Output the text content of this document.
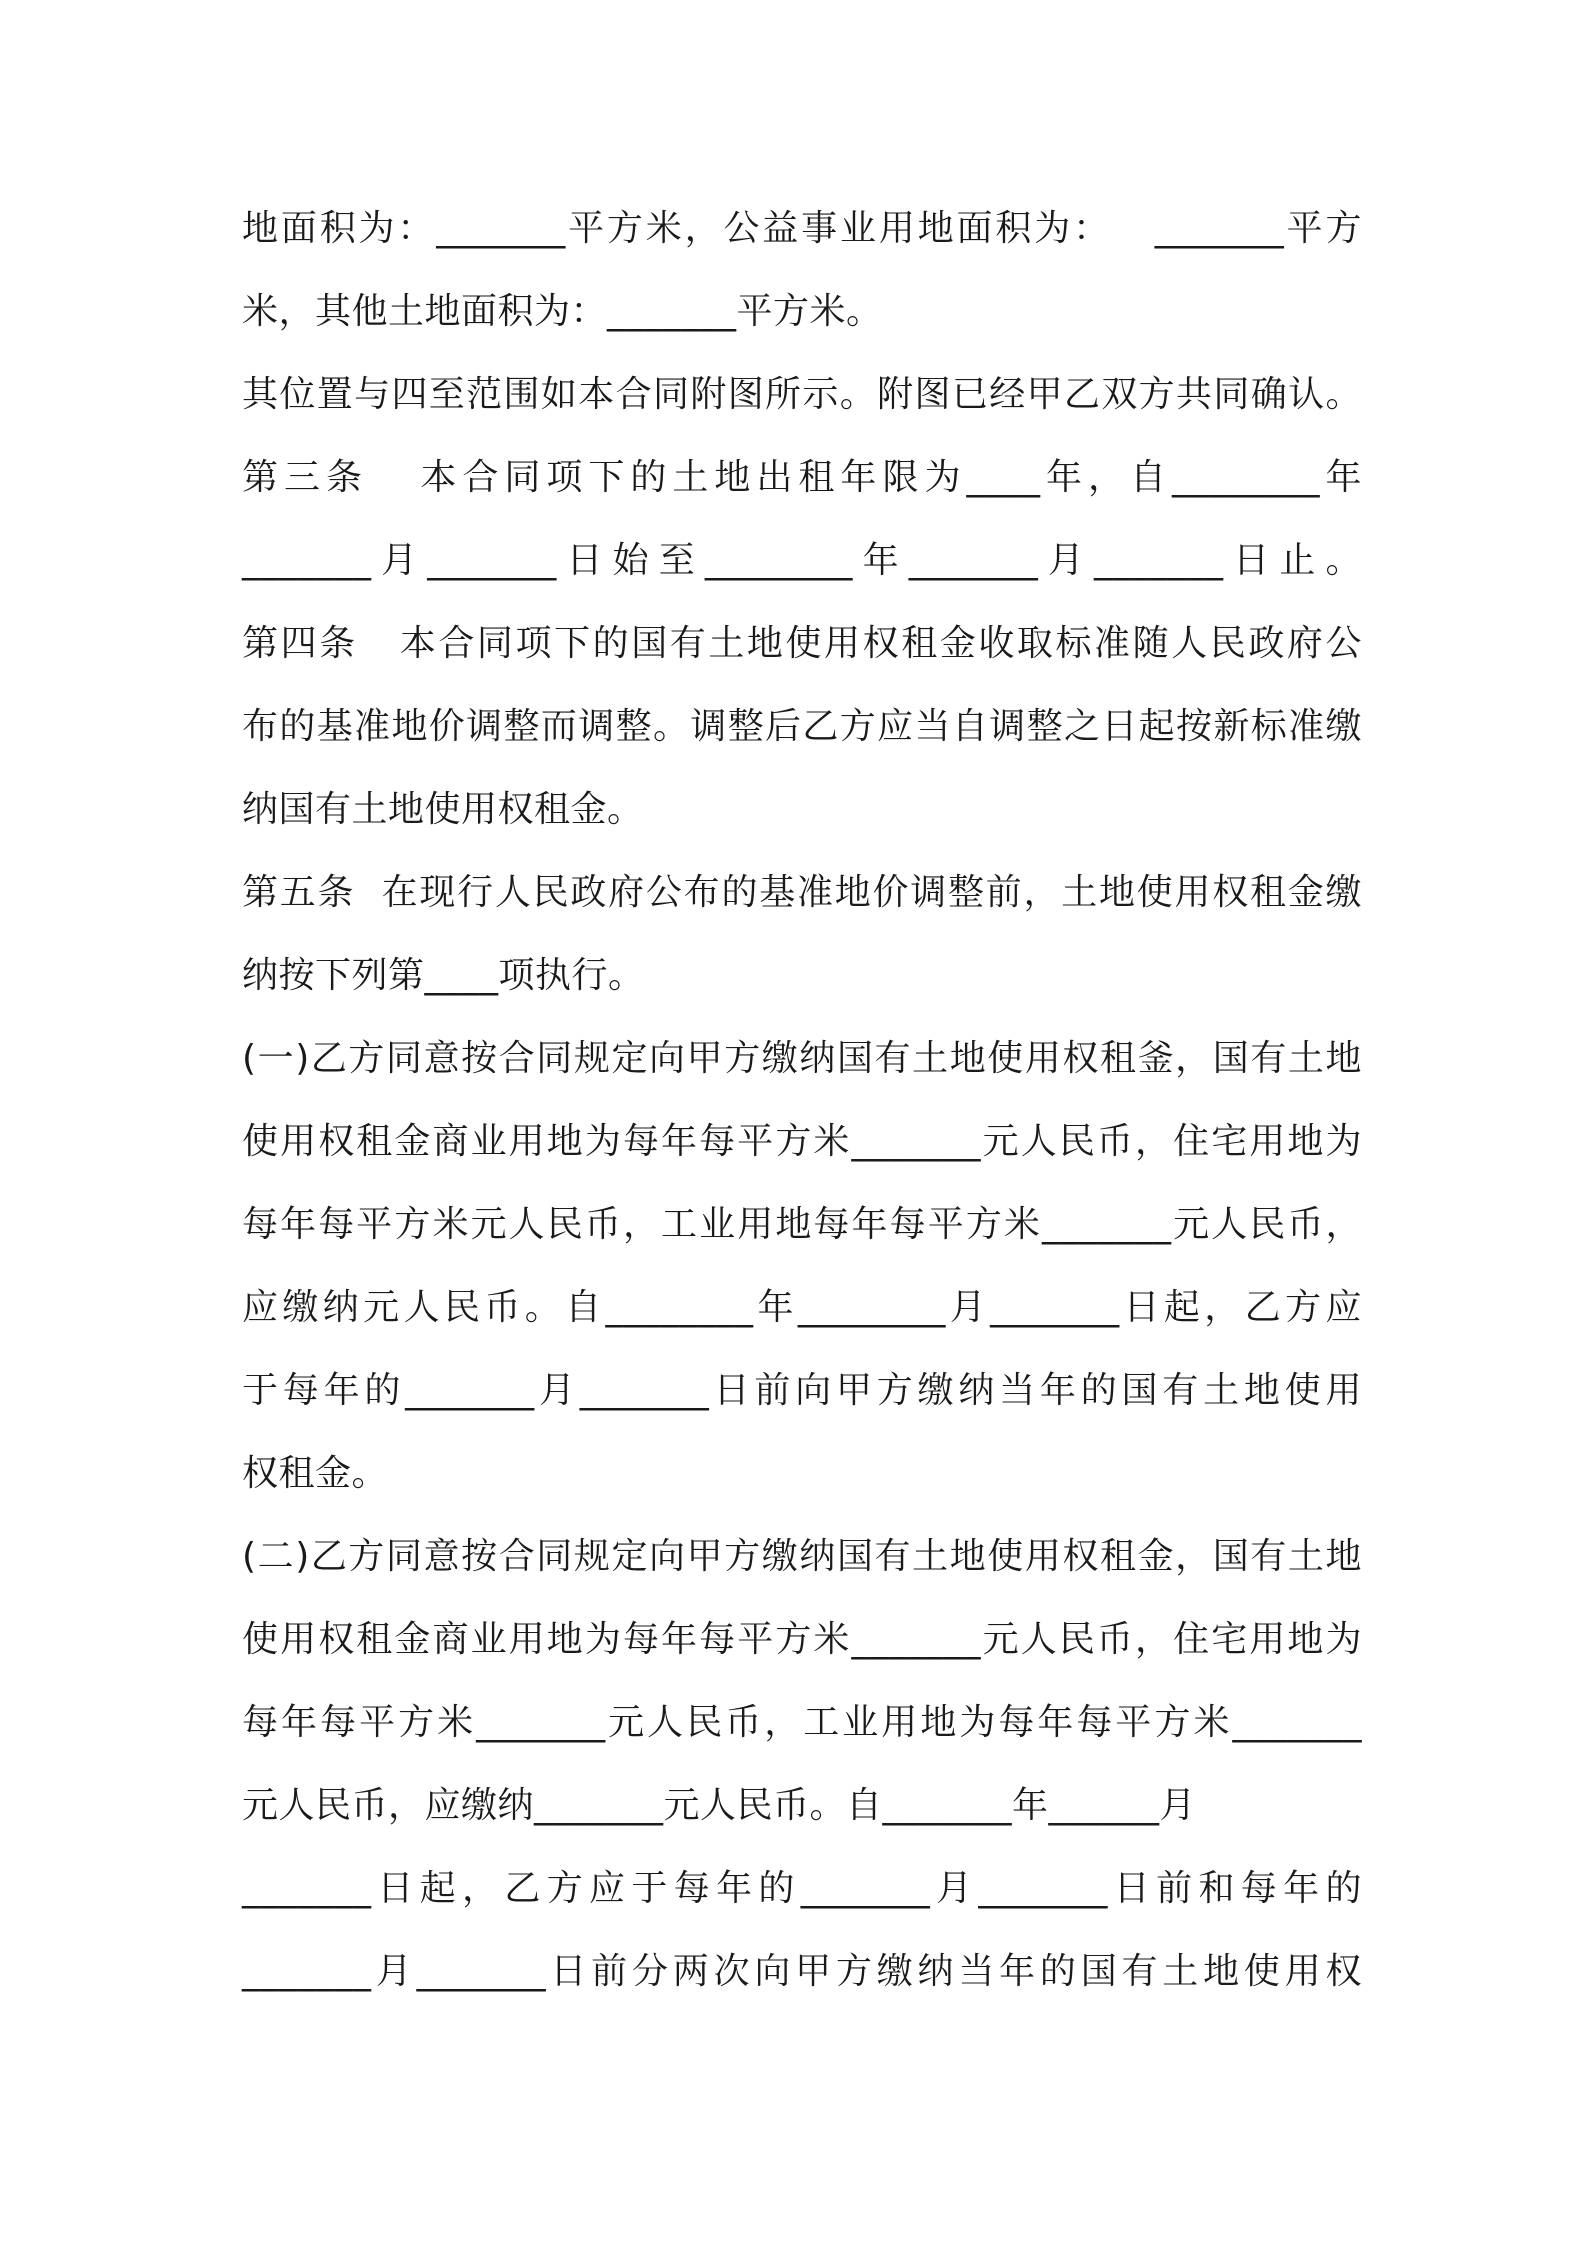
地面积为：_______平方米，公益事业用地面积为：   _______平方
米，其他土地面积为：_______平方米。
其位置与四至范围如本合同附图所示。附图已经甲乙双方共同确认。
第三条   本合同项下的土地出租年限为____年，自________年
_______月_______日始至________年_______月_______日止。
第四条   本合同项下的国有土地使用权租金收取标准随人民政府公
布的基准地价调整而调整。调整后乙方应当自调整之日起按新标准缴
纳国有土地使用权租金。
第五条  在现行人民政府公布的基准地价调整前，土地使用权租金缴
纳按下列第____项执行。
(一)乙方同意按合同规定向甲方缴纳国有土地使用权租釜，国有土地
使用权租金商业用地为每年每平方米_______元人民币，住宅用地为
每年每平方米元人民币，工业用地每年每平方米_______元人民币，
应缴纳元人民币。自________年________月_______日起，乙方应
于每年的_______月_______日前向甲方缴纳当年的国有土地使用
权租金。
(二)乙方同意按合同规定向甲方缴纳国有土地使用权租金，国有土地
使用权租金商业用地为每年每平方米_______元人民币，住宅用地为
每年每平方米_______元人民币，工业用地为每年每平方米_______
元人民币，应缴纳_______元人民币。自_______年______月
_______日起，乙方应于每年的_______月_______日前和每年的
_______月_______日前分两次向甲方缴纳当年的国有土地使用权
